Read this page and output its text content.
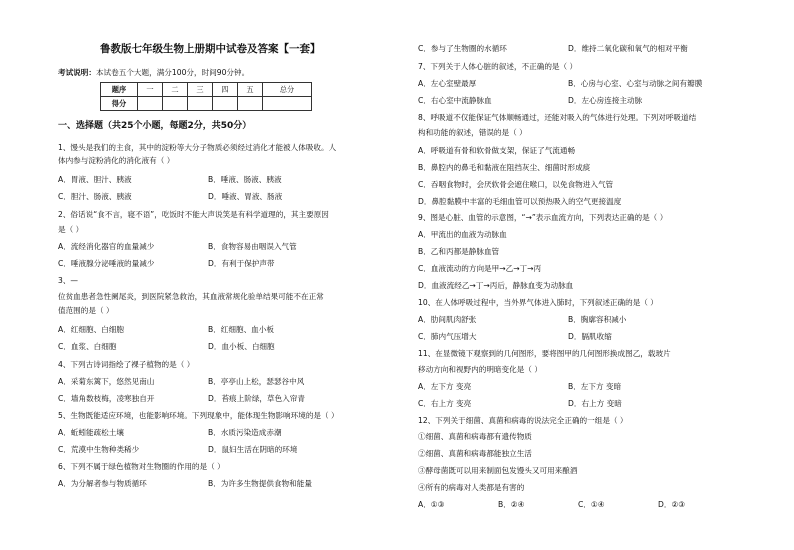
鲁教版七年级生物上册期中试卷及答案【一套】
考试说明：本试卷五个大题，满分100分，时间90分钟。
题序	一	二	三	四	五	总分
得分						
一、选择题（共25个小题，每题2分，共50分）
1、馒头是我们的主食，其中的淀粉等大分子物质必须经过消化才能被人体吸收。人
体内参与淀粉消化的消化液有（ ）
A．胃液、胆汁、胰液	B．唾液、肠液、胰液
C．胆汁、肠液、胰液	D．唾液、胃液、肠液
2、俗话说“食不言，寝不语”，吃饭时不能大声说笑是有科学道理的，其主要原因
是（ ）
A．流经消化器官的血量减少	B．食物容易由咽误入气管
C．唾液腺分泌唾液的量减少	D．有利于保护声带
3、—
位贫血患者急性阑尾炎，到医院紧急救治，其血液常规化验单结果可能不在正常
值范围的是（ ）
A．红细胞、白细胞	B．红细胞、血小板
C．血浆、白细胞	D．血小板、白细胞
4、下列古诗词指绘了裸子植物的是（ ）
A．采菊东篱下，悠然见南山	B．亭亭山上松，瑟瑟谷中风
C．墙角数枝梅，凌寒独自开	D．苔痕上阶绿，草色入帘青
5、生物既能适应环境，也能影响环境。下列现象中，能体现生物影响环境的是（ ）
A．蚯蚓能疏松土壤	B．水质污染造成赤潮
C．荒漠中生物种类稀少	D．鼠妇生活在阴暗的环境
6、下列不属于绿色植物对生物圈的作用的是（ ）
A．为分解者参与物质循环	B．为许多生物提供食物和能量
C．参与了生物圈的水循环	D．维持二氧化碳和氧气的相对平衡
7、下列关于人体心脏的叙述，不正确的是（ ）
A．左心室壁最厚	B．心房与心室、心室与动脉之间有瓣膜
C．右心室中流静脉血	D．左心房连接主动脉
8、呼吸道不仅能保证气体顺畅通过，还能对吸入的气体进行处理。下列对呼吸道结
构和功能的叙述，错误的是（ ）
A．呼吸道有骨和软骨做支架，保证了气流通畅
B．鼻腔内的鼻毛和黏液在阻挡灰尘、细菌时形成痰
C．吞咽食物时，会厌软骨会遮住喉口，以免食物进入气管
D．鼻腔黏膜中丰富的毛细血管可以预热吸入的空气更接温度
9、图是心脏、血管的示意图，“→”表示血流方向，下列表达正确的是（ ）
A．甲流出的血液为动脉血
B．乙和丙都是静脉血管
C．血液流动的方向是甲→乙→丁→丙
D．血液流经乙→丁→丙后，静脉血变为动脉血
10、在人体呼吸过程中，当外界气体进入肺时，下列叙述正确的是（ ）
A．肋间肌肉舒张	B．胸廓容积减小
C．肺内气压增大	D．膈肌收缩
11、在显微镜下观察到的几何图形，要将图甲的几何图形换成图乙，载玻片
移动方向和视野内的明暗变化是（ ）
A．左下方 变亮	B．左下方 变暗
C．右上方 变亮	D．右上方 变暗
12、下列关于细菌、真菌和病毒的说法完全正确的一组是（ ）
①细菌、真菌和病毒都有遗传物质
②细菌、真菌和病毒都能独立生活
③酵母菌既可以用来制面包发馒头又可用来酿酒
④所有的病毒对人类都是有害的
A．①③	B．②④	C．①④	D．②③
